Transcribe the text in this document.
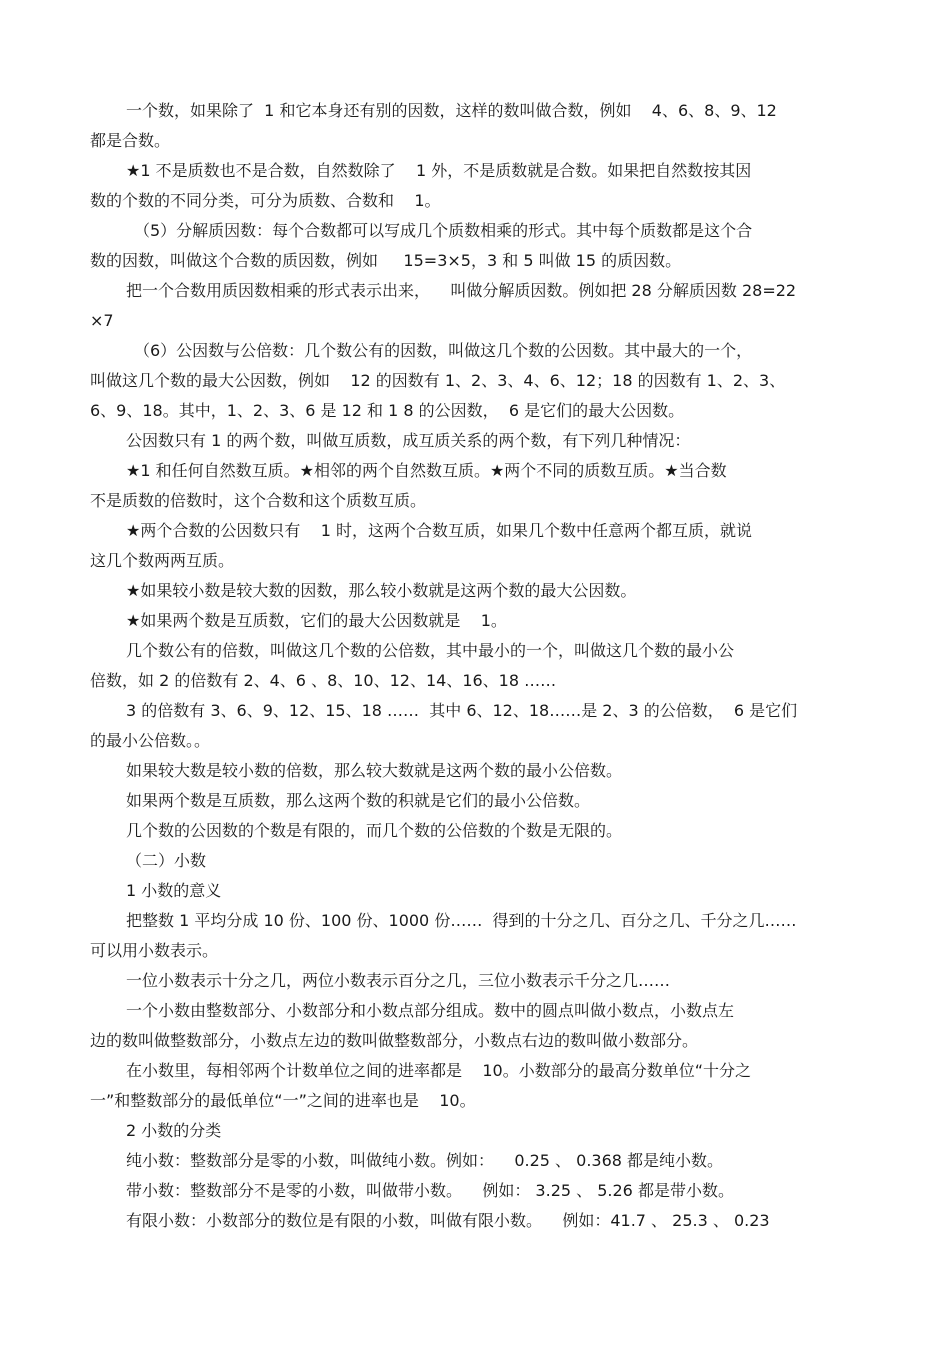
一个数，如果除了  1 和它本身还有别的因数，这样的数叫做合数，例如    4、6、8、9、12
都是合数。
★1 不是质数也不是合数，自然数除了    1 外，不是质数就是合数。如果把自然数按其因
数的个数的不同分类，可分为质数、合数和    1。
（5）分解质因数：每个合数都可以写成几个质数相乘的形式。其中每个质数都是这个合
数的因数，叫做这个合数的质因数，例如     15=3×5，3 和 5 叫做 15 的质因数。
把一个合数用质因数相乘的形式表示出来，    叫做分解质因数。例如把 28 分解质因数 28=22
×7
（6）公因数与公倍数：几个数公有的因数，叫做这几个数的公因数。其中最大的一个，
叫做这几个数的最大公因数，例如    12 的因数有 1、2、3、4、6、12；18 的因数有 1、2、3、
6、9、18。其中，1、2、3、6 是 12 和 1 8 的公因数，  6 是它们的最大公因数。
公因数只有 1 的两个数，叫做互质数，成互质关系的两个数，有下列几种情况：
★1 和任何自然数互质。★相邻的两个自然数互质。★两个不同的质数互质。★当合数
不是质数的倍数时，这个合数和这个质数互质。
★两个合数的公因数只有    1 时，这两个合数互质，如果几个数中任意两个都互质，就说
这几个数两两互质。
★如果较小数是较大数的因数，那么较小数就是这两个数的最大公因数。
★如果两个数是互质数，它们的最大公因数就是    1。
几个数公有的倍数，叫做这几个数的公倍数，其中最小的一个，叫做这几个数的最小公
倍数，如 2 的倍数有 2、4、6 、8、10、12、14、16、18 ……
3 的倍数有 3、6、9、12、15、18 ……  其中 6、12、18……是 2、3 的公倍数，  6 是它们
的最小公倍数。。
如果较大数是较小数的倍数，那么较大数就是这两个数的最小公倍数。
如果两个数是互质数，那么这两个数的积就是它们的最小公倍数。
几个数的公因数的个数是有限的，而几个数的公倍数的个数是无限的。
（二）小数
1 小数的意义
把整数 1 平均分成 10 份、100 份、1000 份……  得到的十分之几、百分之几、千分之几……
可以用小数表示。
一位小数表示十分之几，两位小数表示百分之几，三位小数表示千分之几……
一个小数由整数部分、小数部分和小数点部分组成。数中的圆点叫做小数点，小数点左
边的数叫做整数部分，小数点左边的数叫做整数部分，小数点右边的数叫做小数部分。
在小数里，每相邻两个计数单位之间的进率都是    10。小数部分的最高分数单位“十分之
一”和整数部分的最低单位“一”之间的进率也是    10。
2 小数的分类
纯小数：整数部分是零的小数，叫做纯小数。例如：    0.25 、 0.368 都是纯小数。
带小数：整数部分不是零的小数，叫做带小数。    例如： 3.25 、 5.26 都是带小数。
有限小数：小数部分的数位是有限的小数，叫做有限小数。    例如：41.7 、 25.3 、 0.23
